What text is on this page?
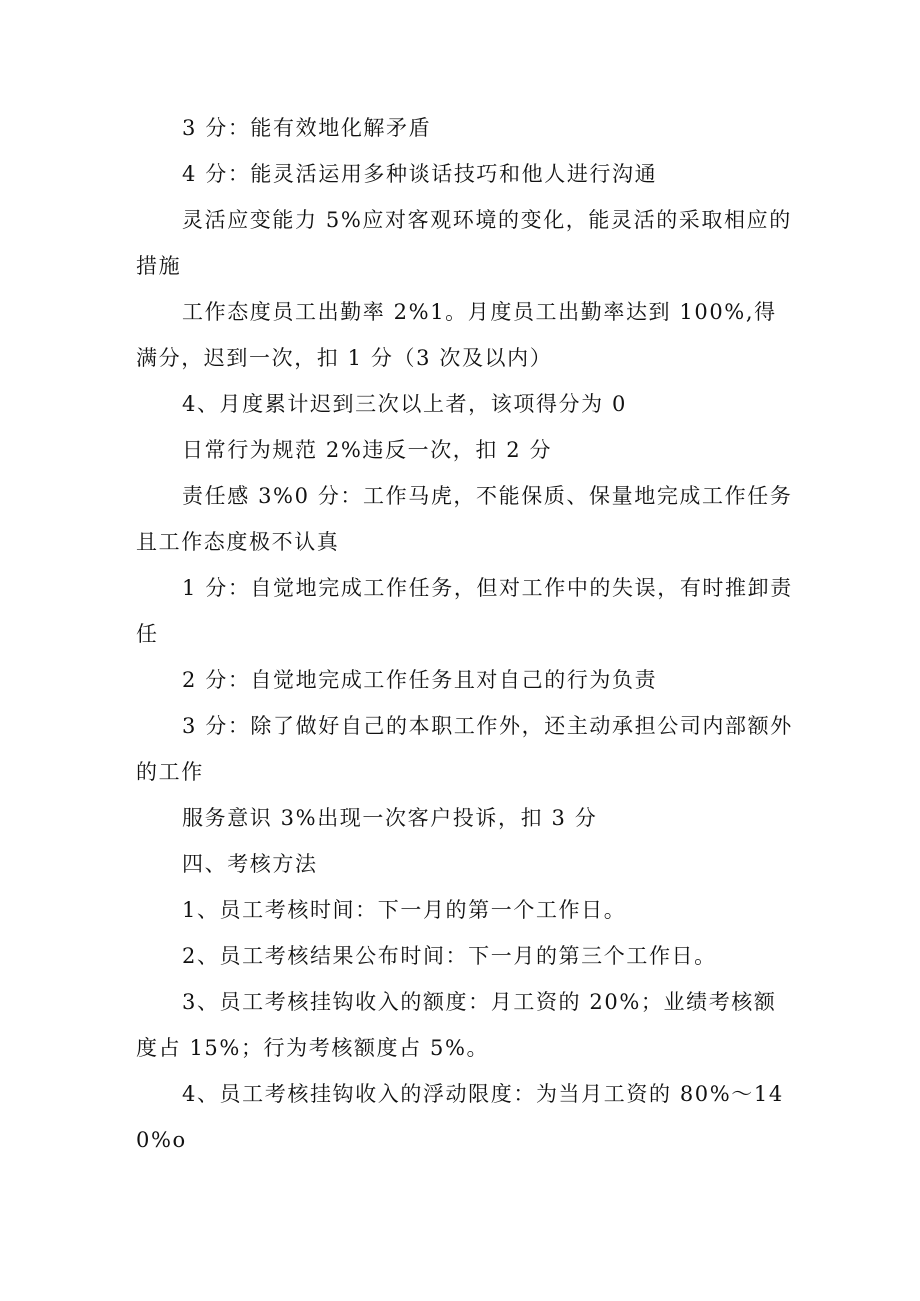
3 分：能有效地化解矛盾

4 分：能灵活运用多种谈话技巧和他人进行沟通

灵活应变能力 5%应对客观环境的变化，能灵活的采取相应的措施

工作态度员工出勤率 2%1。月度员工出勤率达到 100%,得满分，迟到一次，扣 1 分（3 次及以内）

4、月度累计迟到三次以上者，该项得分为 0

日常行为规范 2%违反一次，扣 2 分

责任感 3%0 分：工作马虎，不能保质、保量地完成工作任务且工作态度极不认真

1 分：自觉地完成工作任务，但对工作中的失误，有时推卸责任

2 分：自觉地完成工作任务且对自己的行为负责

3 分：除了做好自己的本职工作外，还主动承担公司内部额外的工作

服务意识 3%出现一次客户投诉，扣 3 分

四、考核方法

1、员工考核时间：下一月的第一个工作日。

2、员工考核结果公布时间：下一月的第三个工作日。

3、员工考核挂钩收入的额度：月工资的 20%；业绩考核额度占 15%；行为考核额度占 5%。

4、员工考核挂钩收入的浮动限度：为当月工资的 80%～140%o
